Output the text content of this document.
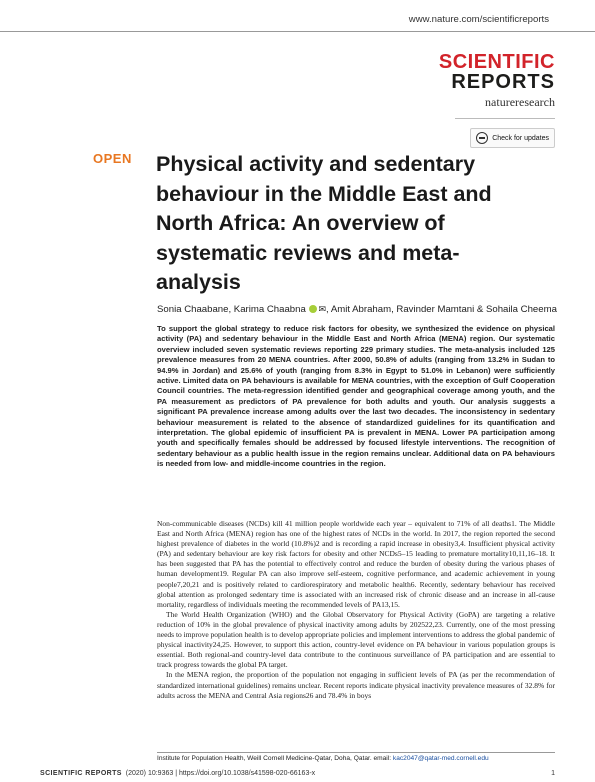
www.nature.com/scientificreports
SCIENTIFIC
REPORTS
natureresearch
Check for updates
OPEN Physical activity and sedentary behaviour in the Middle East and North Africa: An overview of systematic reviews and meta-analysis
Sonia Chaabane, Karima Chaabna ✉, Amit Abraham, Ravinder Mamtani & Sohaila Cheema
To support the global strategy to reduce risk factors for obesity, we synthesized the evidence on physical activity (PA) and sedentary behaviour in the Middle East and North Africa (MENA) region. Our systematic overview included seven systematic reviews reporting 229 primary studies. The meta-analysis included 125 prevalence measures from 20 MENA countries. After 2000, 50.8% of adults (ranging from 13.2% in Sudan to 94.9% in Jordan) and 25.6% of youth (ranging from 8.3% in Egypt to 51.0% in Lebanon) were sufficiently active. Limited data on PA behaviours is available for MENA countries, with the exception of Gulf Cooperation Council countries. The meta-regression identified gender and geographical coverage among youth, and the PA measurement as predictors of PA prevalence for both adults and youth. Our analysis suggests a significant PA prevalence increase among adults over the last two decades. The inconsistency in sedentary behaviour measurement is related to the absence of standardized guidelines for its quantification and interpretation. The global epidemic of insufficient PA is prevalent in MENA. Lower PA participation among youth and specifically females should be addressed by focused lifestyle interventions. The recognition of sedentary behaviour as a public health issue in the region remains unclear. Additional data on PA behaviours is needed from low- and middle-income countries in the region.

Non-communicable diseases (NCDs) kill 41 million people worldwide each year – equivalent to 71% of all deaths1. The Middle East and North Africa (MENA) region has one of the highest rates of NCDs in the world. In 2017, the region reported the second highest prevalence of diabetes in the world (10.8%)2 and is recording a rapid increase in obesity3,4. Insufficient physical activity (PA) and sedentary behaviour are key risk factors for obesity and other NCDs5–15 leading to premature mortality10,11,16–18. It has been suggested that PA has the potential to effectively control and reduce the burden of obesity during the various phases of human development19. Regular PA can also improve self-esteem, cognitive performance, and academic achievement in young people7,20,21 and is positively related to cardiorespiratory and metabolic health6. Recently, sedentary behaviour has received global attention as prolonged sedentary time is associated with an increased risk of chronic disease and an increase in all-cause mortality, regardless of individuals meeting the recommended levels of PA13,15.

The World Health Organization (WHO) and the Global Observatory for Physical Activity (GoPA) are targeting a relative reduction of 10% in the global prevalence of physical inactivity among adults by 202522,23. Currently, one of the most pressing needs to improve population health is to develop appropriate policies and implement interventions to address the global pandemic of physical inactivity24,25. However, to support this action, country-level evidence on PA behaviour in various population groups is essential. Both regional-and country-level data contribute to the continuous surveillance of PA participation and are essential to track progress towards the global PA target.

In the MENA region, the proportion of the population not engaging in sufficient levels of PA (as per the recommendation of standardized international guidelines) remains unclear. Recent reports indicate physical inactivity prevalence measures of 32.8% for adults across the MENA and Central Asia regions26 and 78.4% in boys

Institute for Population Health, Weill Cornell Medicine-Qatar, Doha, Qatar. email: kac2047@qatar-med.cornell.edu
SCIENTIFIC REPORTS (2020) 10:9363 | https://doi.org/10.1038/s41598-020-66163-x	1
